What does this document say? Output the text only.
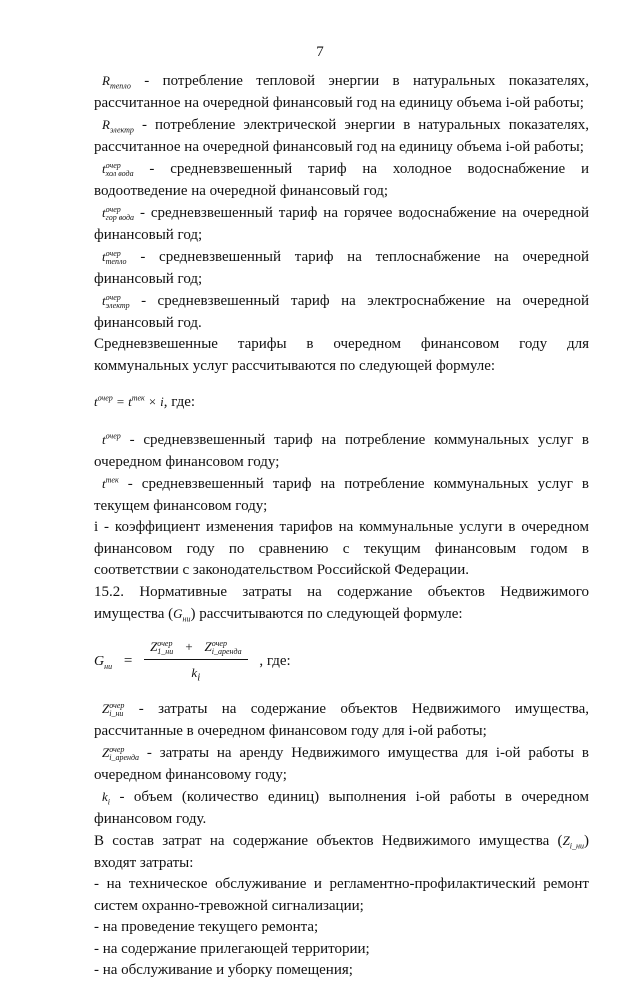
7

$R_{тепло}$ - потребление тепловой энергии в натуральных показателях, рассчитанное на очередной финансовый год на единицу объема i-ой работы;

$R_{электр}$ - потребление электрической энергии в натуральных показателях, рассчитанное на очередной финансовый год на единицу объема i-ой работы;

t очер
хол вода - средневзвешенный тариф на холодное водоснабжение и водоотведение на очередной финансовый год;

t очер
гор вода - средневзвешенный тариф на горячее водоснабжение на очередной финансовый год;

t очер
тепло - средневзвешенный тариф на теплоснабжение на очередной финансовый год;

t очер
электр - средневзвешенный тариф на электроснабжение на очередной финансовый год.

Средневзвешенные тарифы в очередном финансовом году для коммунальных услуг рассчитываются по следующей формуле:

$t^{очер} = t^{тек} \times i$, где:

$t^{очер}$ - средневзвешенный тариф на потребление коммунальных услуг в очередном финансовом году;

$t^{тек}$ - средневзвешенный тариф на потребление коммунальных услуг в текущем финансовом году;

i - коэффициент изменения тарифов на коммунальные услуги в очередном финансовом году по сравнению с текущим финансовым годом в соответствии с законодательством Российской Федерации.

15.2. Нормативные затраты на содержание объектов Недвижимого имущества $(G_{ни})$ рассчитываются по следующей формуле:

$G_{ни} = Z$ очер
1_ни + Z очер
i_аренда
$k_i$ , где:

Z очер
i_ни - затраты на содержание объектов Недвижимого имущества, рассчитанные в очередном финансовом году для i-ой работы;

Z очер
i_аренда - затраты на аренду Недвижимого имущества для i-ой работы в очередном финансовому году;

$k_i$ - объем (количество единиц) выполнения i-ой работы в очередном финансовом году.

В состав затрат на содержание объектов Недвижимого имущества $(Z_{i\_ни})$ входят затраты:

- на техническое обслуживание и регламентно-профилактический ремонт систем охранно-тревожной сигнализации;

- на проведение текущего ремонта;

- на содержание прилегающей территории;

- на обслуживание и уборку помещения;
